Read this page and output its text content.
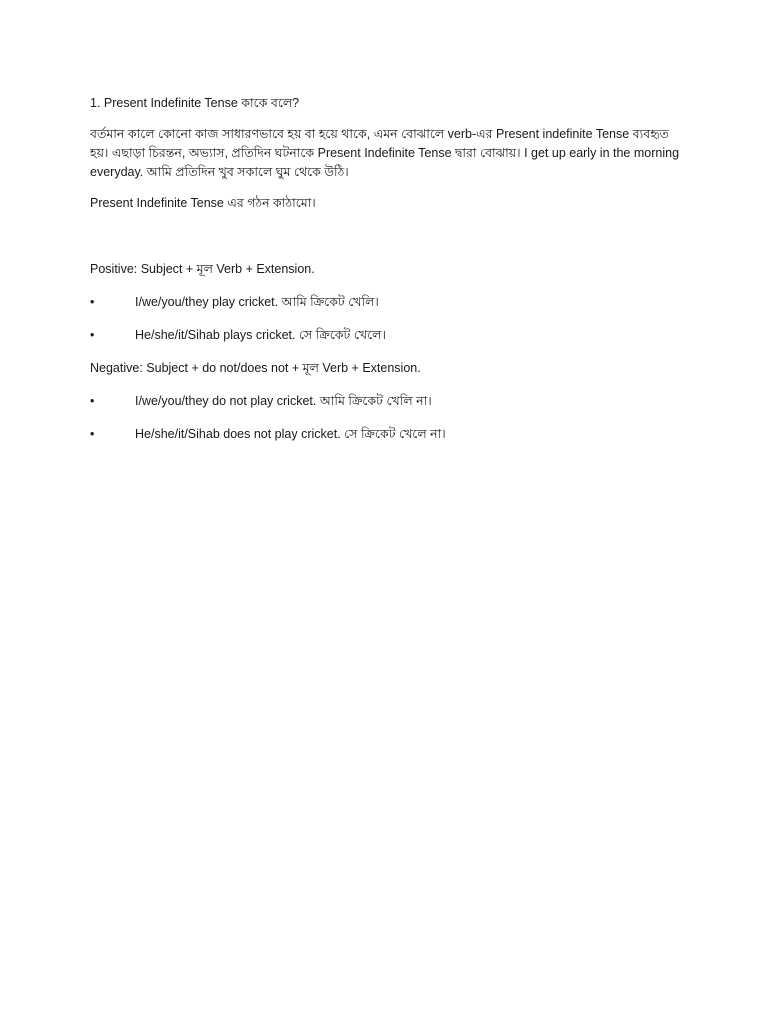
1. Present Indefinite Tense কাকে বলে?

বর্তমান কালে কোনো কাজ সাধারণভাবে হয় বা হয়ে থাকে, এমন বোঝালে verb-এর Present indefinite Tense ব্যবহৃত হয়। এছাড়া চিরন্তন, অভ্যাস, প্রতিদিন ঘটনাকে Present Indefinite Tense দ্বারা বোঝায়। I get up early in the morning everyday. আমি প্রতিদিন খুব সকালে ঘুম থেকে উঠি।

Present Indefinite Tense এর গঠন কাঠামো।

Positive: Subject + মূল Verb + Extension.

•	I/we/you/they play cricket. আমি ক্রিকেট খেলি।
•	He/she/it/Sihab plays cricket. সে ক্রিকেট খেলে।

Negative: Subject + do not/does not + মূল Verb + Extension.

•	I/we/you/they do not play cricket. আমি ক্রিকেট খেলি না।
•	He/she/it/Sihab does not play cricket. সে ক্রিকেট খেলে না।
